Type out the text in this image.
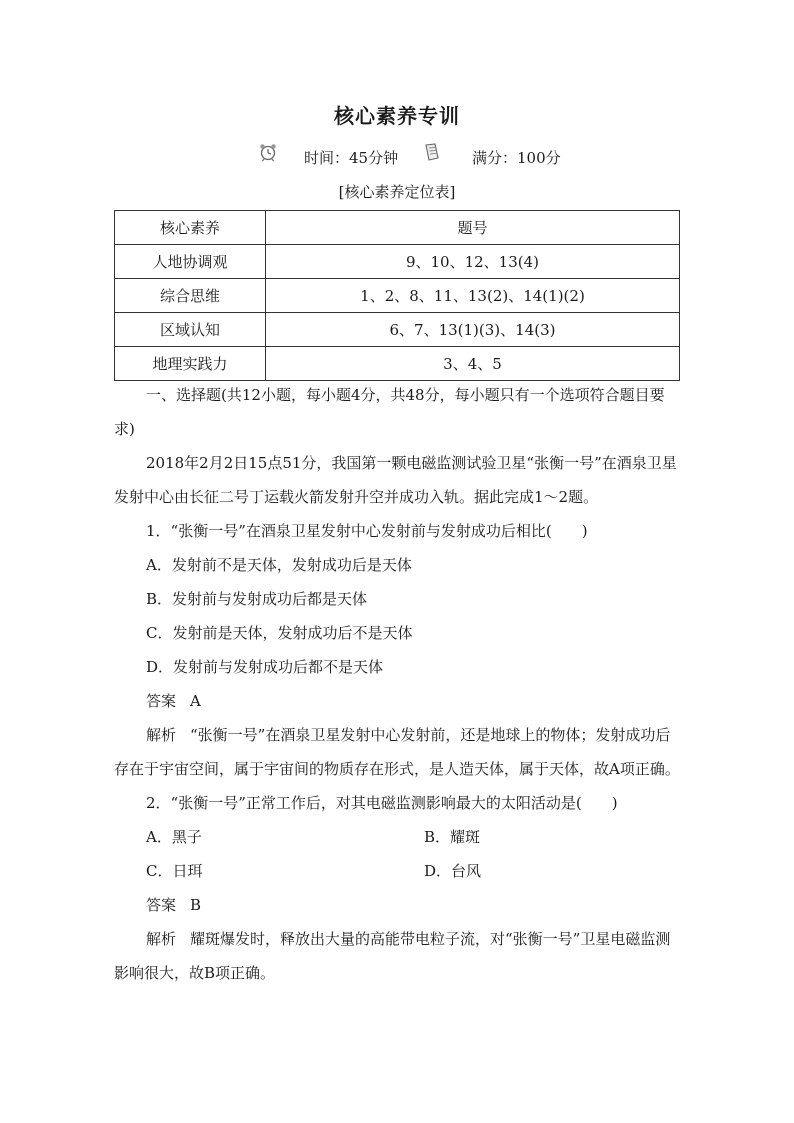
核心素养专训
时间：45分钟	满分：100分
[核心素养定位表]
核心素养	题号
人地协调观	9、10、12、13(4)
综合思维	1、2、8、11、13(2)、14(1)(2)
区域认知	6、7、13(1)(3)、14(3)
地理实践力	3、4、5

一、选择题(共12小题，每小题4分，共48分，每小题只有一个选项符合题目要求)

2018年2月2日15点51分，我国第一颗电磁监测试验卫星“张衡一号”在酒泉卫星发射中心由长征二号丁运载火箭发射升空并成功入轨。据此完成1～2题。

1．“张衡一号”在酒泉卫星发射中心发射前与发射成功后相比(　　)

A．发射前不是天体，发射成功后是天体

B．发射前与发射成功后都是天体

C．发射前是天体，发射成功后不是天体

D．发射前与发射成功后都不是天体

答案 A

解析 “张衡一号”在酒泉卫星发射中心发射前，还是地球上的物体；发射成功后存在于宇宙空间，属于宇宙间的物质存在形式，是人造天体，属于天体，故A项正确。

2．“张衡一号”正常工作后，对其电磁监测影响最大的太阳活动是(　　)

A．黑子	B．耀斑
C．日珥	D．台风

答案 B

解析 耀斑爆发时，释放出大量的高能带电粒子流，对“张衡一号”卫星电磁监测影响很大，故B项正确。
